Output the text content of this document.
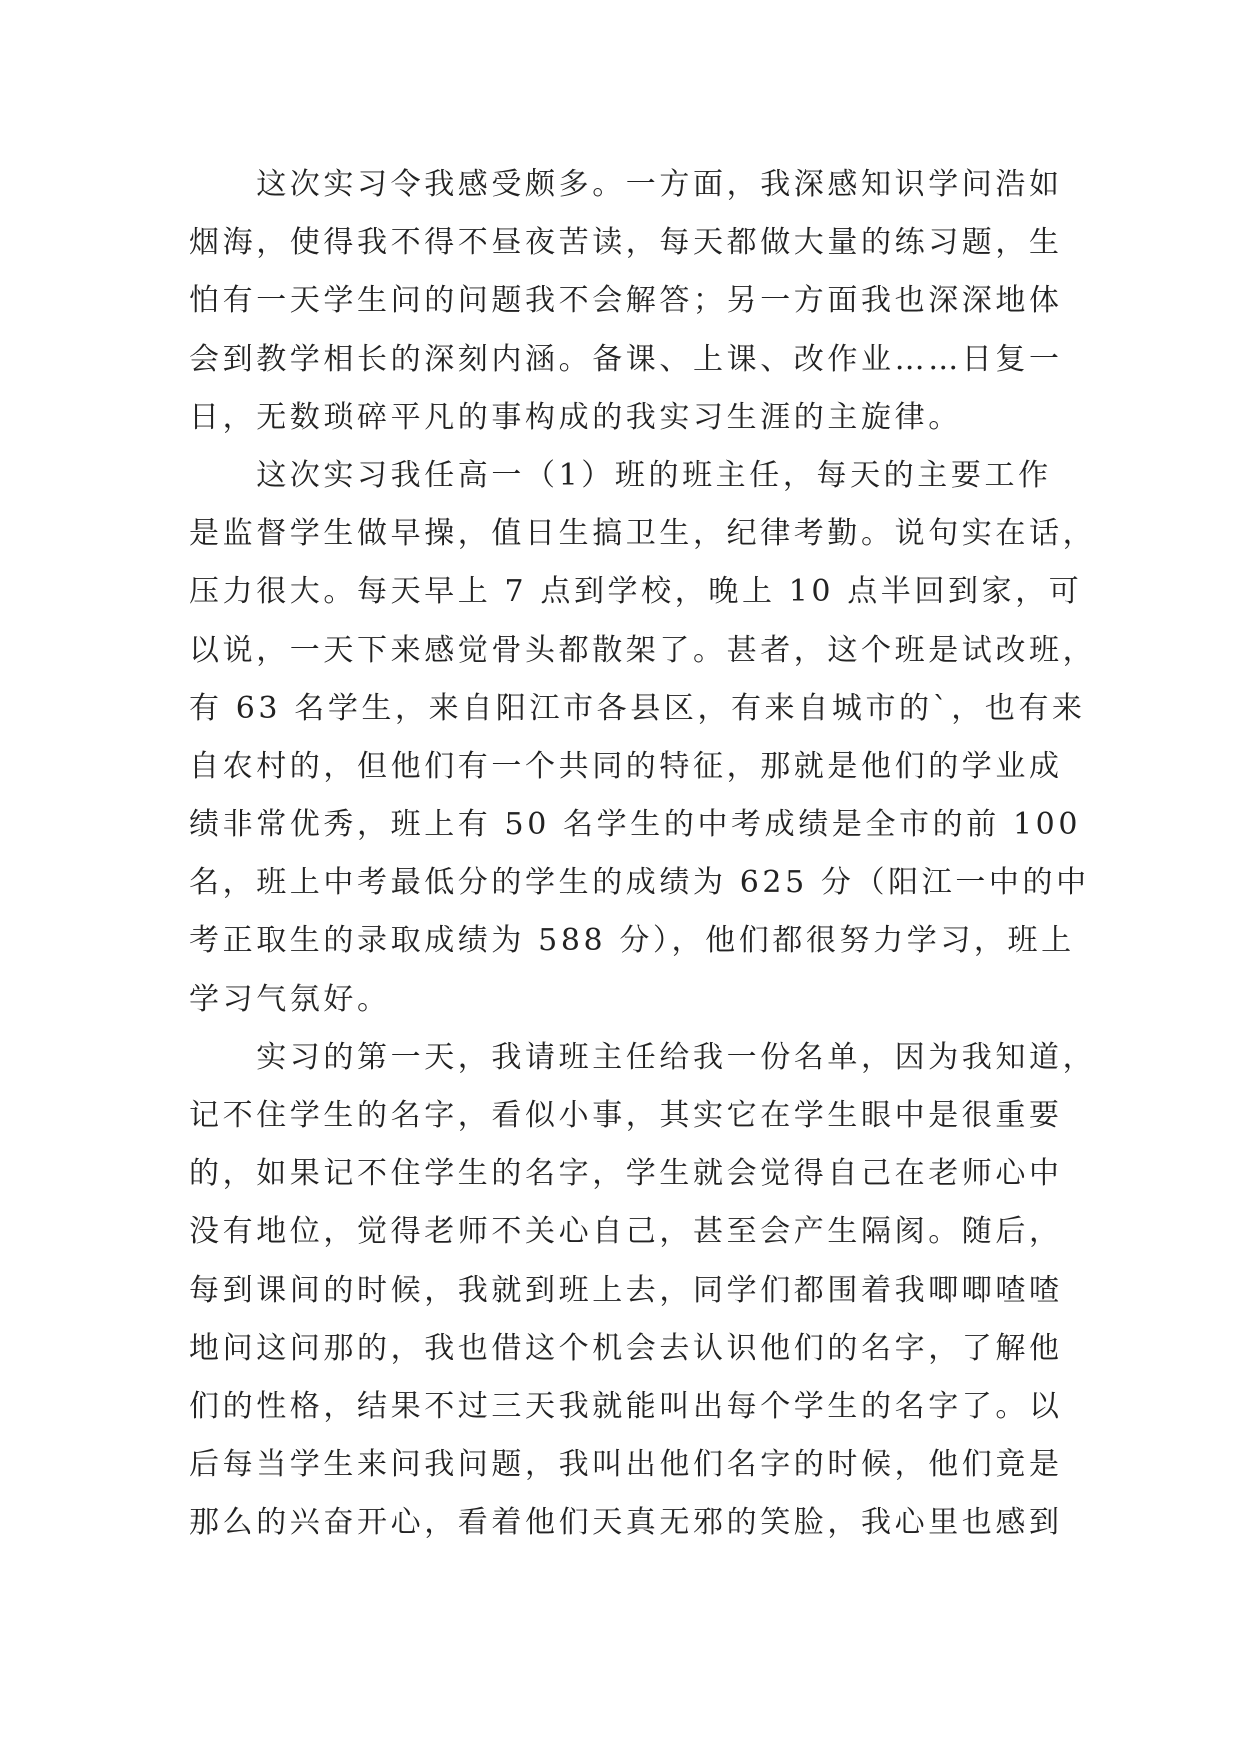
　　这次实习令我感受颇多。一方面，我深感知识学问浩如
烟海，使得我不得不昼夜苦读，每天都做大量的练习题，生
怕有一天学生问的问题我不会解答；另一方面我也深深地体
会到教学相长的深刻内涵。备课、上课、改作业……日复一
日，无数琐碎平凡的事构成的我实习生涯的主旋律。
　　这次实习我任高一（1）班的班主任，每天的主要工作
是监督学生做早操，值日生搞卫生，纪律考勤。说句实在话，
压力很大。每天早上 7 点到学校，晚上 10 点半回到家，可
以说，一天下来感觉骨头都散架了。甚者，这个班是试改班，
有 63 名学生，来自阳江市各县区，有来自城市的`，也有来
自农村的，但他们有一个共同的特征，那就是他们的学业成
绩非常优秀，班上有 50 名学生的中考成绩是全市的前 100
名，班上中考最低分的学生的成绩为 625 分（阳江一中的中
考正取生的录取成绩为 588 分），他们都很努力学习，班上
学习气氛好。
　　实习的第一天，我请班主任给我一份名单，因为我知道，
记不住学生的名字，看似小事，其实它在学生眼中是很重要
的，如果记不住学生的名字，学生就会觉得自己在老师心中
没有地位，觉得老师不关心自己，甚至会产生隔阂。随后，
每到课间的时候，我就到班上去，同学们都围着我唧唧喳喳
地问这问那的，我也借这个机会去认识他们的名字，了解他
们的性格，结果不过三天我就能叫出每个学生的名字了。以
后每当学生来问我问题，我叫出他们名字的时候，他们竟是
那么的兴奋开心，看着他们天真无邪的笑脸，我心里也感到
